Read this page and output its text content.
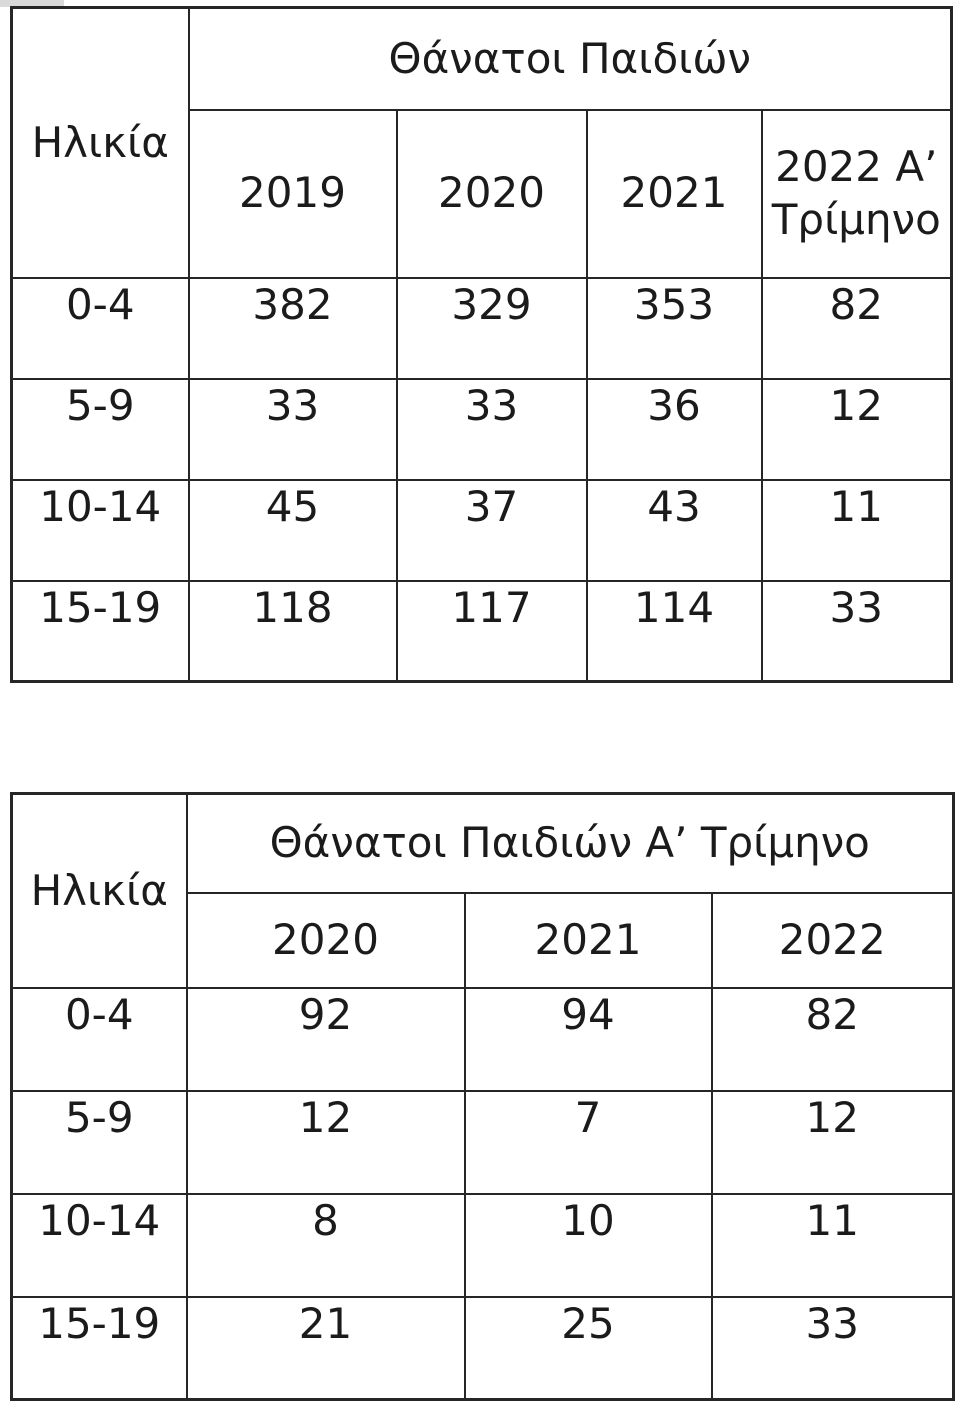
Ηλικία	Θάνατοι Παιδιών			
	2019	2020	2021	2022 Α’ Τρίμηνο
0-4	382	329	353	82
5-9	33	33	36	12
10-14	45	37	43	11
15-19	118	117	114	33
Ηλικία	Θάνατοι Παιδιών Α’ Τρίμηνο		
	2020	2021	2022
0-4	92	94	82
5-9	12	7	12
10-14	8	10	11
15-19	21	25	33
